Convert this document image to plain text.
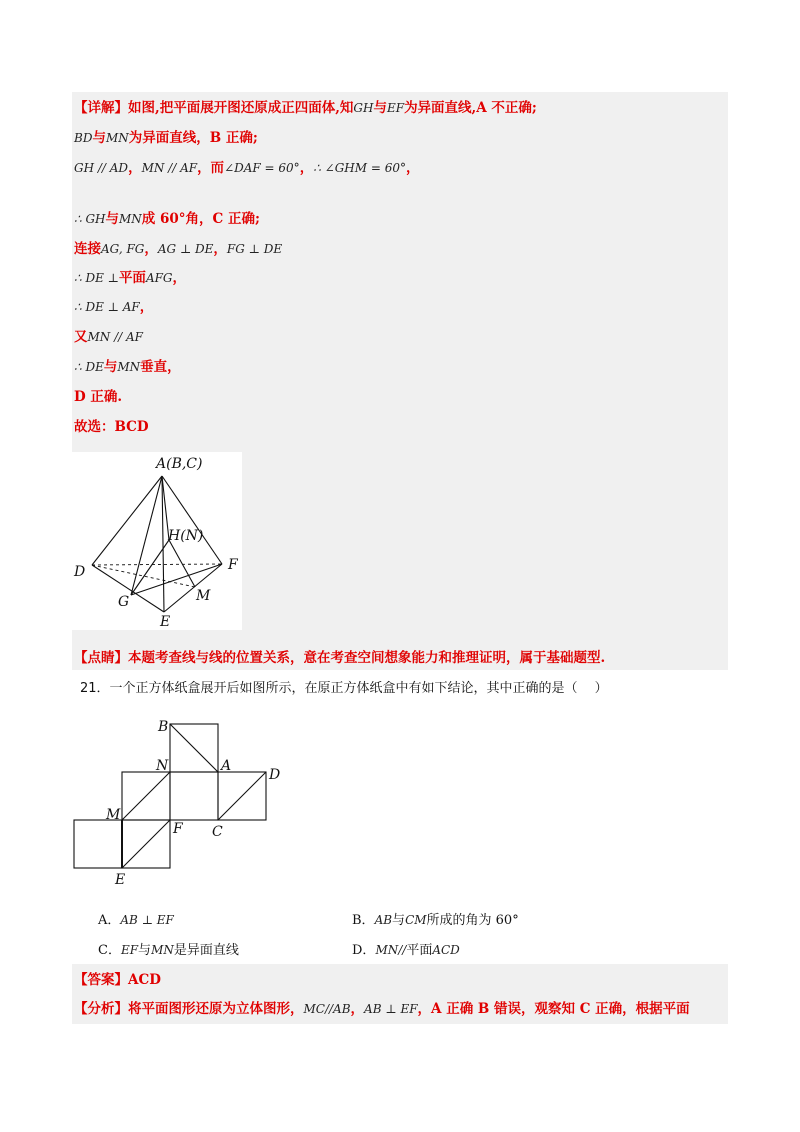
【详解】如图,把平面展开图还原成正四面体,知GH与EF为异面直线,A 不正确;
BD与MN为异面直线，B 正确;
GH // AD，MN // AF，而∠DAF = 60°，∴ ∠GHM = 60°，
∴ GH与MN成 60°角，C 正确;
连接AG, FG，AG ⊥ DE，FG ⊥ DE
∴ DE ⊥平面AFG，
∴ DE ⊥ AF，
又MN // AF
∴ DE与MN垂直，
D 正确.
故选：BCD
A(B,C)
H(N)
D	F
G	M
E
【点睛】本题考查线与线的位置关系，意在考查空间想象能力和推理证明，属于基础题型.
21．一个正方体纸盒展开后如图所示，在原正方体纸盒中有如下结论，其中正确的是（　 ）
B
N	A
D
M
F C
E
A．AB ⊥ EF	B．AB与CM所成的角为 60°
C．EF与MN是异面直线	D．MN//平面ACD
【答案】ACD
【分析】将平面图形还原为立体图形，MC//AB，AB ⊥ EF，A 正确 B 错误，观察知 C 正确，根据平面
